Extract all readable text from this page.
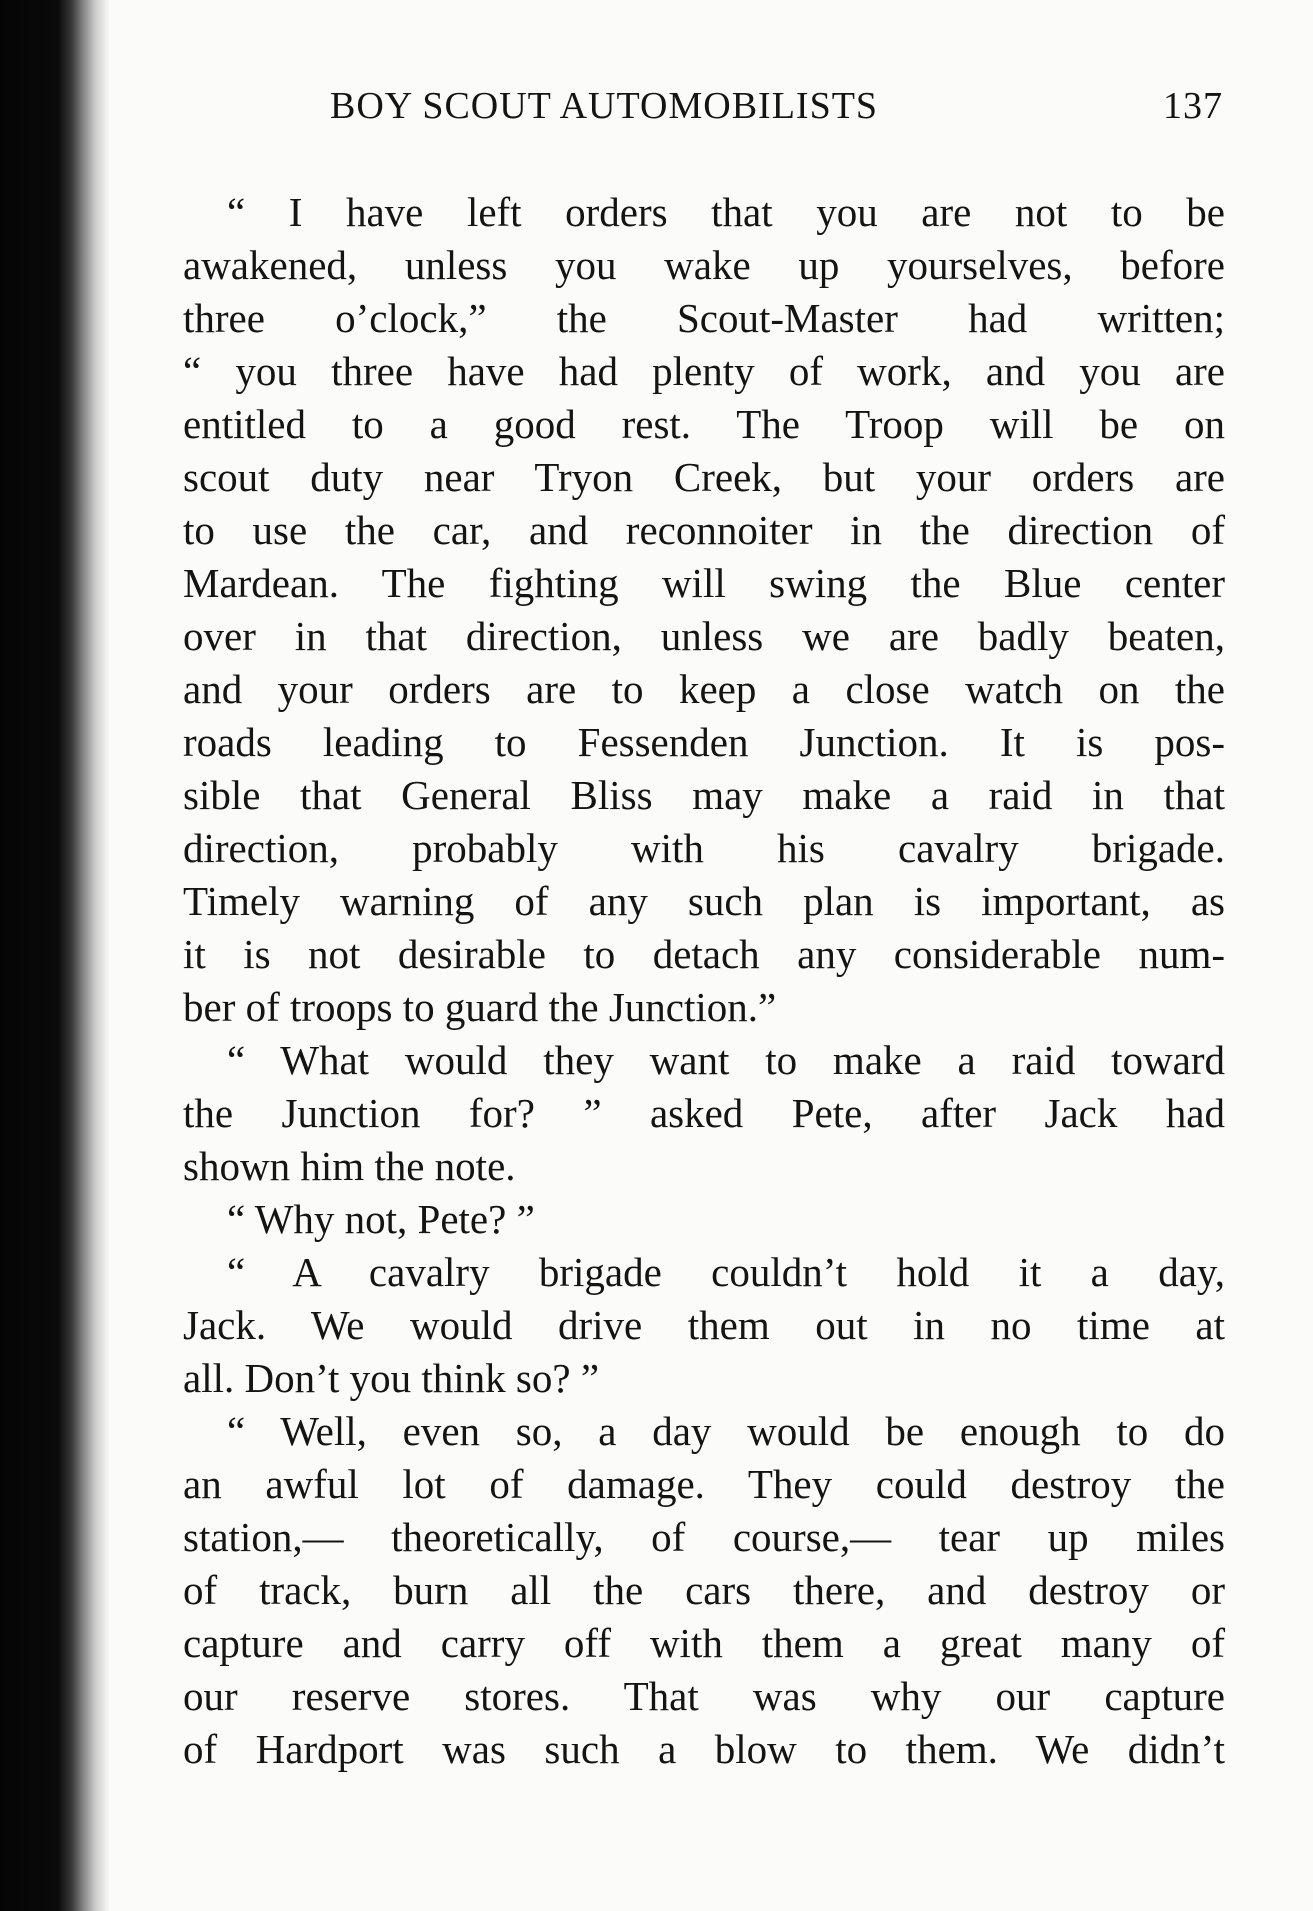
BOY SCOUT AUTOMOBILISTS	137
“ I have left orders that you are not to be
awakened, unless you wake up yourselves, before
three o’clock,” the Scout-Master had written;
“ you three have had plenty of work, and you are
entitled to a good rest. The Troop will be on
scout duty near Tryon Creek, but your orders are
to use the car, and reconnoiter in the direction of
Mardean. The fighting will swing the Blue center
over in that direction, unless we are badly beaten,
and your orders are to keep a close watch on the
roads leading to Fessenden Junction. It is pos-
sible that General Bliss may make a raid in that
direction, probably with his cavalry brigade.
Timely warning of any such plan is important, as
it is not desirable to detach any considerable num-
ber of troops to guard the Junction.”
“ What would they want to make a raid toward
the Junction for? ” asked Pete, after Jack had
shown him the note.
“ Why not, Pete? ”
“ A cavalry brigade couldn’t hold it a day,
Jack. We would drive them out in no time at
all. Don’t you think so? ”
“ Well, even so, a day would be enough to do
an awful lot of damage. They could destroy the
station,— theoretically, of course,— tear up miles
of track, burn all the cars there, and destroy or
capture and carry off with them a great many of
our reserve stores. That was why our capture
of Hardport was such a blow to them. We didn’t
